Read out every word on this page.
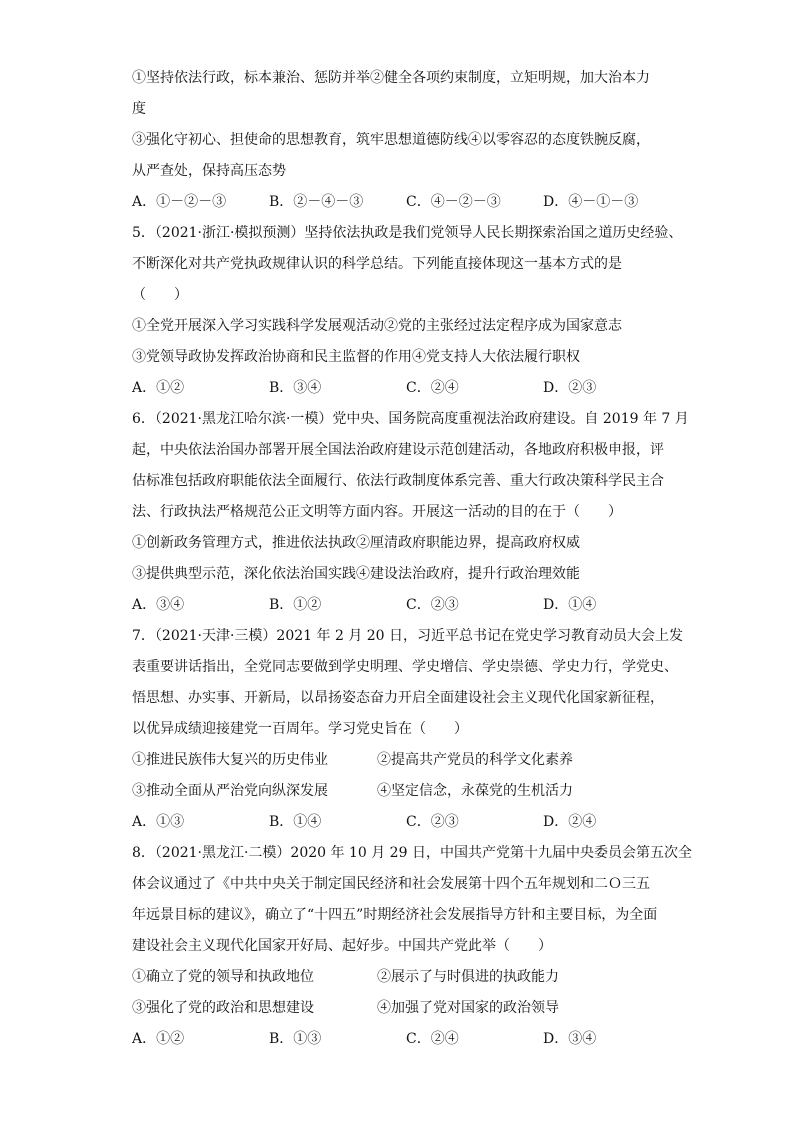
①坚持依法行政，标本兼治、惩防并举②健全各项约束制度，立矩明规，加大治本力
度
③强化守初心、担使命的思想教育，筑牢思想道德防线④以零容忍的态度铁腕反腐，
从严查处，保持高压态势
A．①－②－③	B．②－④－③	C．④－②－③	D．④－①－③
5．（2021·浙江·模拟预测）坚持依法执政是我们党领导人民长期探索治国之道历史经验、
不断深化对共产党执政规律认识的科学总结。下列能直接体现这一基本方式的是
（　　）
①全党开展深入学习实践科学发展观活动②党的主张经过法定程序成为国家意志
③党领导政协发挥政治协商和民主监督的作用④党支持人大依法履行职权
A．①②	B．③④	C．②④	D．②③
6．（2021·黑龙江哈尔滨·一模）党中央、国务院高度重视法治政府建设。自 2019 年 7 月
起，中央依法治国办部署开展全国法治政府建设示范创建活动，各地政府积极申报，评
估标准包括政府职能依法全面履行、依法行政制度体系完善、重大行政决策科学民主合
法、行政执法严格规范公正文明等方面内容。开展这一活动的目的在于（　　）
①创新政务管理方式，推进依法执政②厘清政府职能边界，提高政府权威
③提供典型示范，深化依法治国实践④建设法治政府，提升行政治理效能
A．③④	B．①②	C．②③	D．①④
7．（2021·天津·三模）2021 年 2 月 20 日，习近平总书记在党史学习教育动员大会上发
表重要讲话指出，全党同志要做到学史明理、学史增信、学史崇德、学史力行，学党史、
悟思想、办实事、开新局，以昂扬姿态奋力开启全面建设社会主义现代化国家新征程，
以优异成绩迎接建党一百周年。学习党史旨在（　　）
①推进民族伟大复兴的历史伟业	②提高共产党员的科学文化素养
③推动全面从严治党向纵深发展	④坚定信念，永葆党的生机活力
A．①③	B．①④	C．②③	D．②④
8．（2021·黑龙江·二模）2020 年 10 月 29 日，中国共产党第十九届中央委员会第五次全
体会议通过了《中共中央关于制定国民经济和社会发展第十四个五年规划和二Ｏ三五
年远景目标的建议》，确立了“十四五”时期经济社会发展指导方针和主要目标，为全面
建设社会主义现代化国家开好局、起好步。中国共产党此举（　　）
①确立了党的领导和执政地位	②展示了与时俱进的执政能力
③强化了党的政治和思想建设	④加强了党对国家的政治领导
A．①②	B．①③	C．②④	D．③④
